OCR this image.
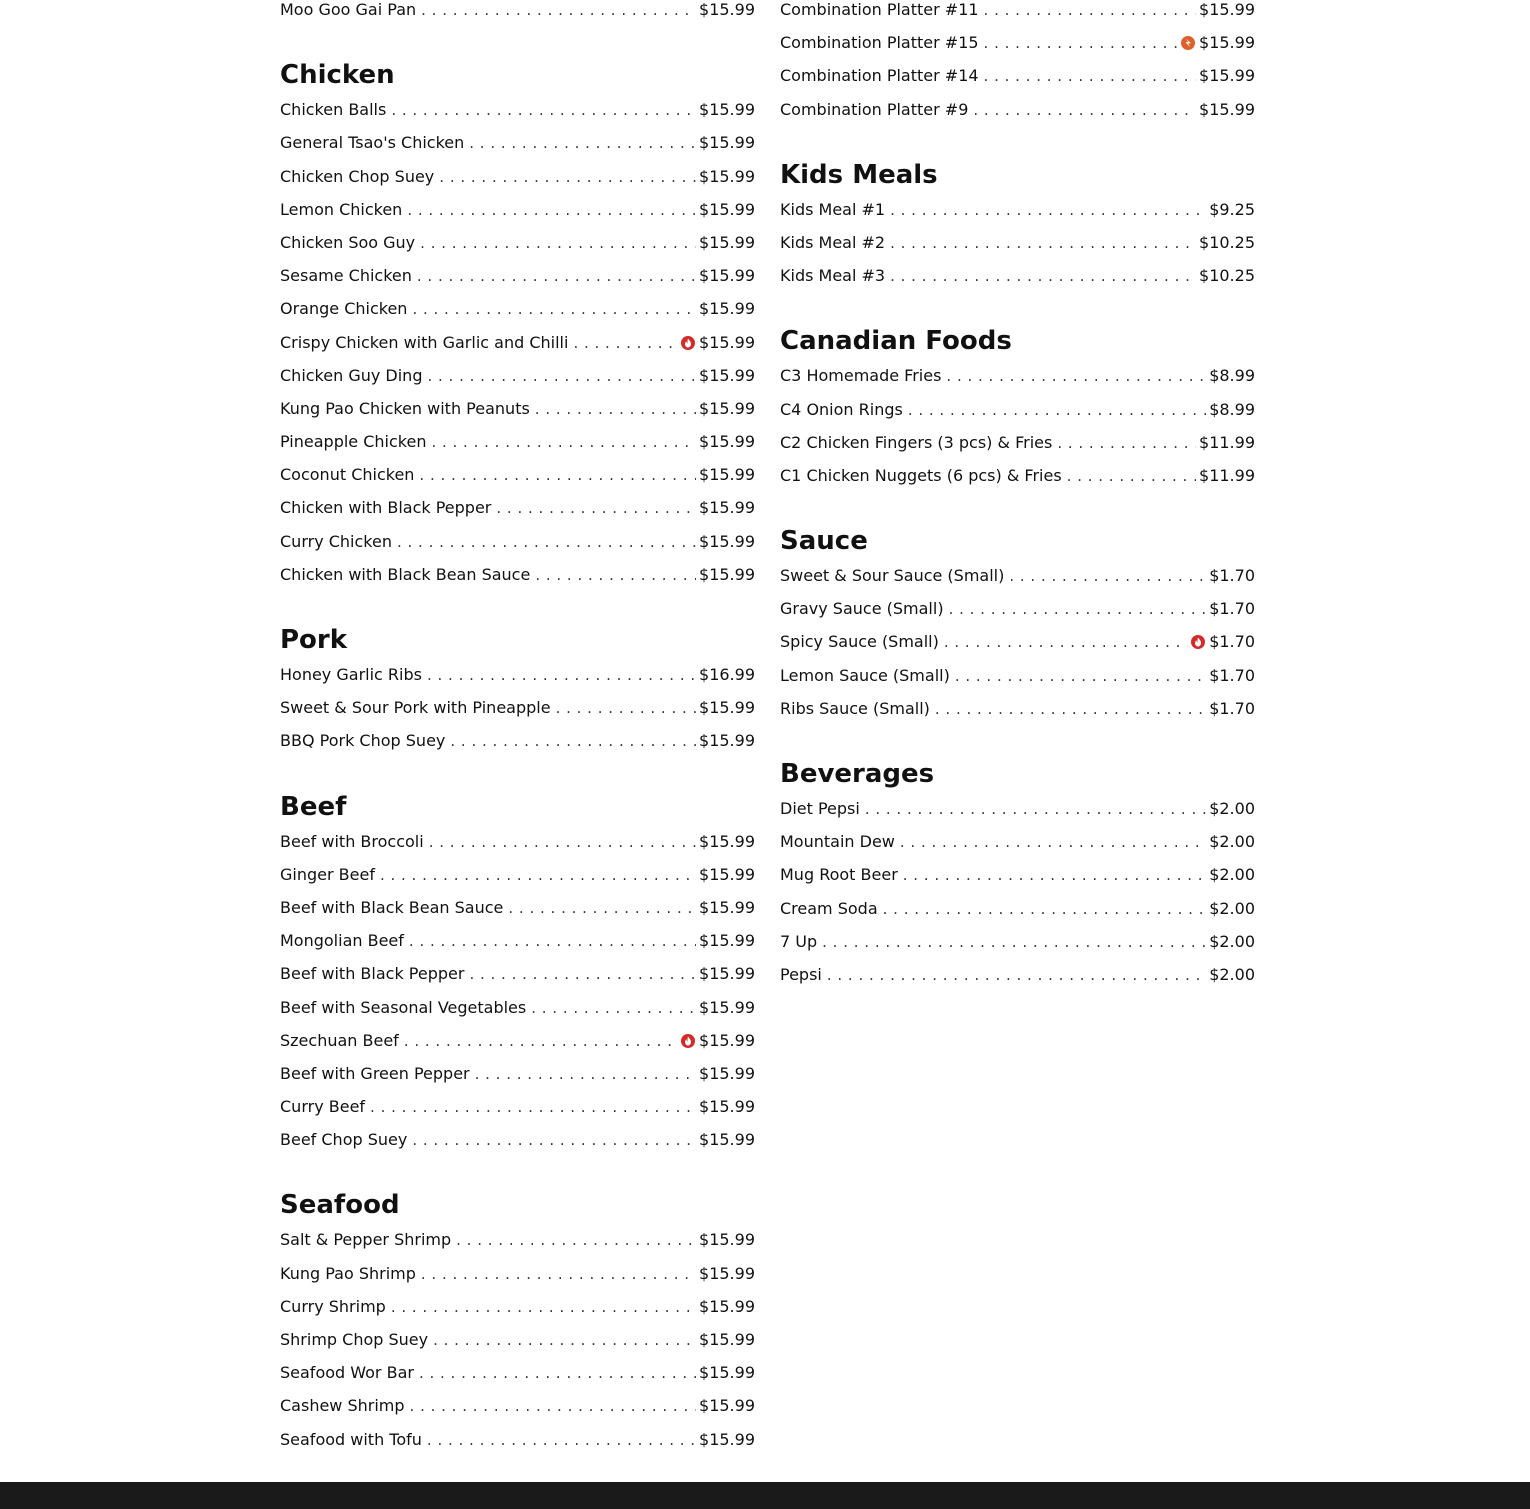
Moo Goo Gai Pan . . .	$15.99
Chicken
Chicken Balls . . .	$15.99
General Tsao's Chicken . . .	$15.99
Chicken Chop Suey . . .	$15.99
Lemon Chicken . . .	$15.99
Chicken Soo Guy . . .	$15.99
Sesame Chicken . . .	$15.99
Orange Chicken . . .	$15.99
Crispy Chicken with Garlic and Chilli . . .	$15.99
Chicken Guy Ding . . .	$15.99
Kung Pao Chicken with Peanuts . . .	$15.99
Pineapple Chicken . . .	$15.99
Coconut Chicken . . .	$15.99
Chicken with Black Pepper . . .	$15.99
Curry Chicken . . .	$15.99
Chicken with Black Bean Sauce . . .	$15.99
Pork
Honey Garlic Ribs . . .	$16.99
Sweet & Sour Pork with Pineapple . . .	$15.99
BBQ Pork Chop Suey . . .	$15.99
Beef
Beef with Broccoli . . .	$15.99
Ginger Beef . . .	$15.99
Beef with Black Bean Sauce . . .	$15.99
Mongolian Beef . . .	$15.99
Beef with Black Pepper . . .	$15.99
Beef with Seasonal Vegetables . . .	$15.99
Szechuan Beef . . .	$15.99
Beef with Green Pepper . . .	$15.99
Curry Beef . . .	$15.99
Beef Chop Suey . . .	$15.99
Seafood
Salt & Pepper Shrimp . . .	$15.99
Kung Pao Shrimp . . .	$15.99
Curry Shrimp . . .	$15.99
Shrimp Chop Suey . . .	$15.99
Seafood Wor Bar . . .	$15.99
Cashew Shrimp . . .	$15.99
Seafood with Tofu . . .	$15.99
Combination Platter #11 . . .	$15.99
Combination Platter #15 . . .	$15.99
Combination Platter #14 . . .	$15.99
Combination Platter #9 . . .	$15.99
Kids Meals
Kids Meal #1 . . .	$9.25
Kids Meal #2 . . .	$10.25
Kids Meal #3 . . .	$10.25
Canadian Foods
C3 Homemade Fries . . .	$8.99
C4 Onion Rings . . .	$8.99
C2 Chicken Fingers (3 pcs) & Fries . . .	$11.99
C1 Chicken Nuggets (6 pcs) & Fries . . .	$11.99
Sauce
Sweet & Sour Sauce (Small) . . .	$1.70
Gravy Sauce (Small) . . .	$1.70
Spicy Sauce (Small) . . .	$1.70
Lemon Sauce (Small) . . .	$1.70
Ribs Sauce (Small) . . .	$1.70
Beverages
Diet Pepsi . . .	$2.00
Mountain Dew . . .	$2.00
Mug Root Beer . . .	$2.00
Cream Soda . . .	$2.00
7 Up . . .	$2.00
Pepsi . . .	$2.00
